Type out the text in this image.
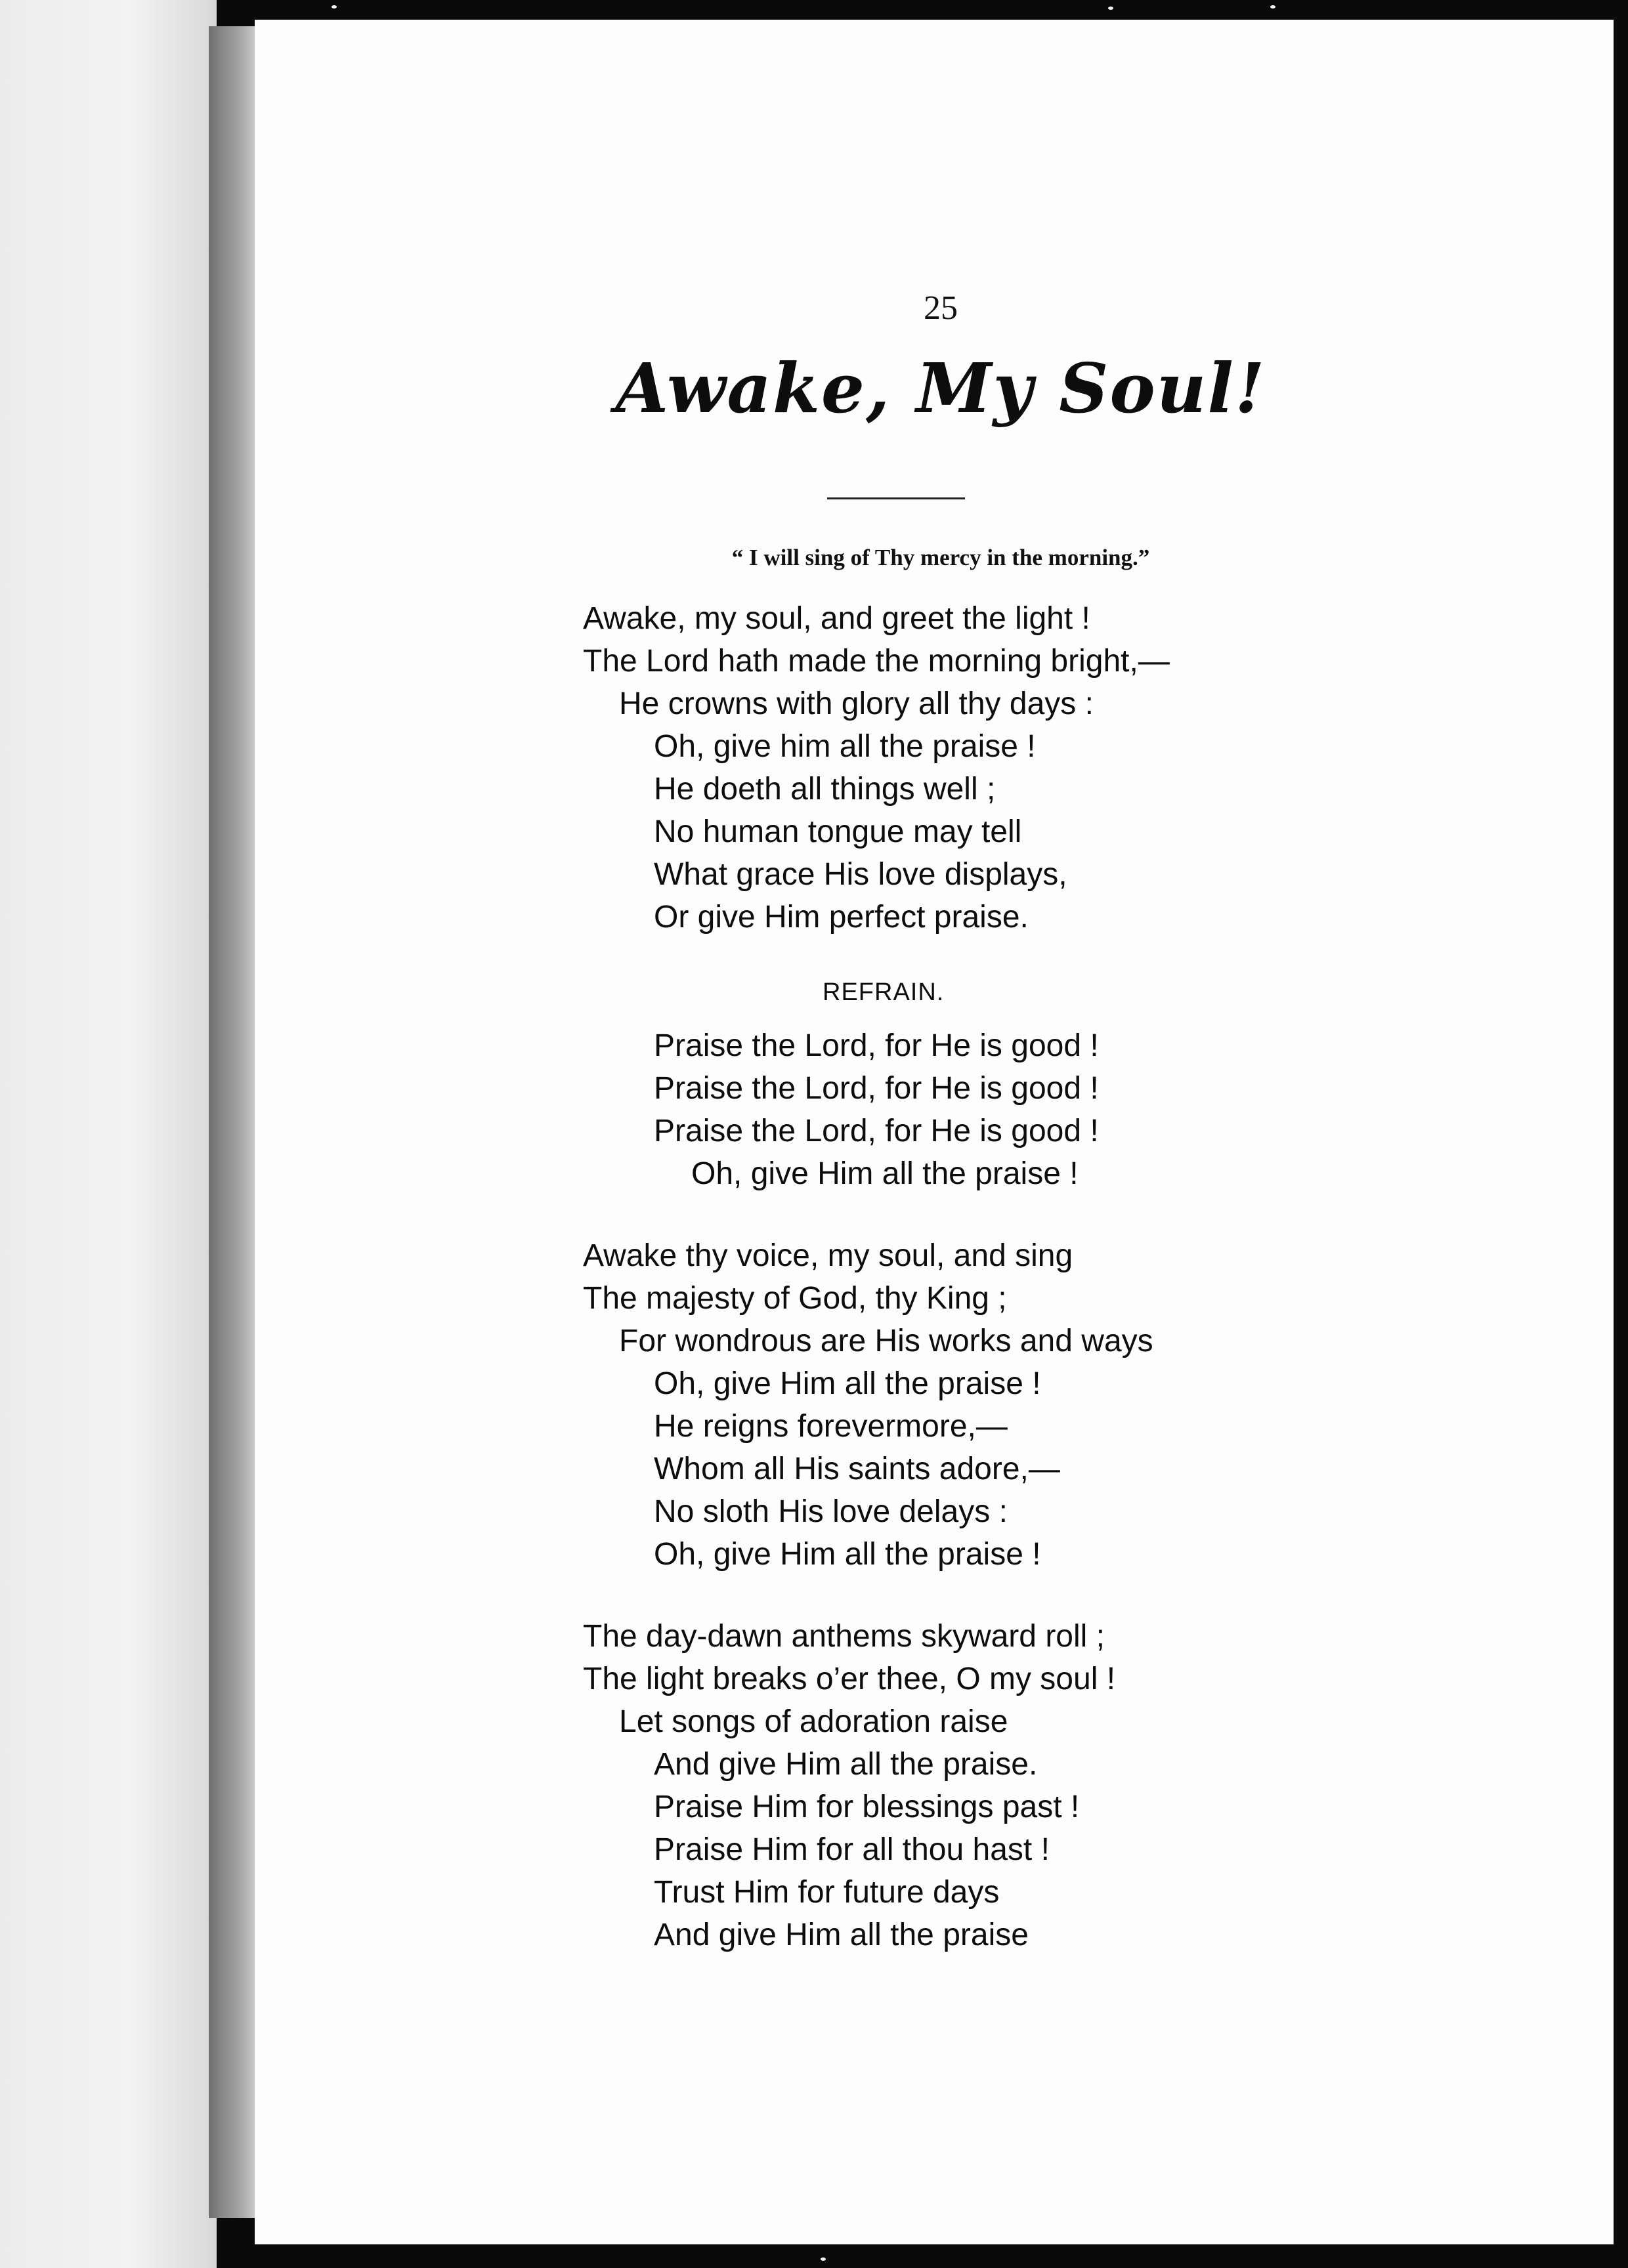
25
Awake, My Soul!
“ I will sing of Thy mercy in the morning.”
Awake, my soul, and greet the light !
The Lord hath made the morning bright,—
He crowns with glory all thy days :
Oh, give him all the praise !
He doeth all things well ;
No human tongue may tell
What grace His love displays,
Or give Him perfect praise.
REFRAIN.
Praise the Lord, for He is good !
Praise the Lord, for He is good !
Praise the Lord, for He is good !
Oh, give Him all the praise !
Awake thy voice, my soul, and sing
The majesty of God, thy King ;
For wondrous are His works and ways
Oh, give Him all the praise !
He reigns forevermore,—
Whom all His saints adore,—
No sloth His love delays :
Oh, give Him all the praise !
The day-dawn anthems skyward roll ;
The light breaks o’er thee, O my soul !
Let songs of adoration raise
And give Him all the praise.
Praise Him for blessings past !
Praise Him for all thou hast !
Trust Him for future days
And give Him all the praise
